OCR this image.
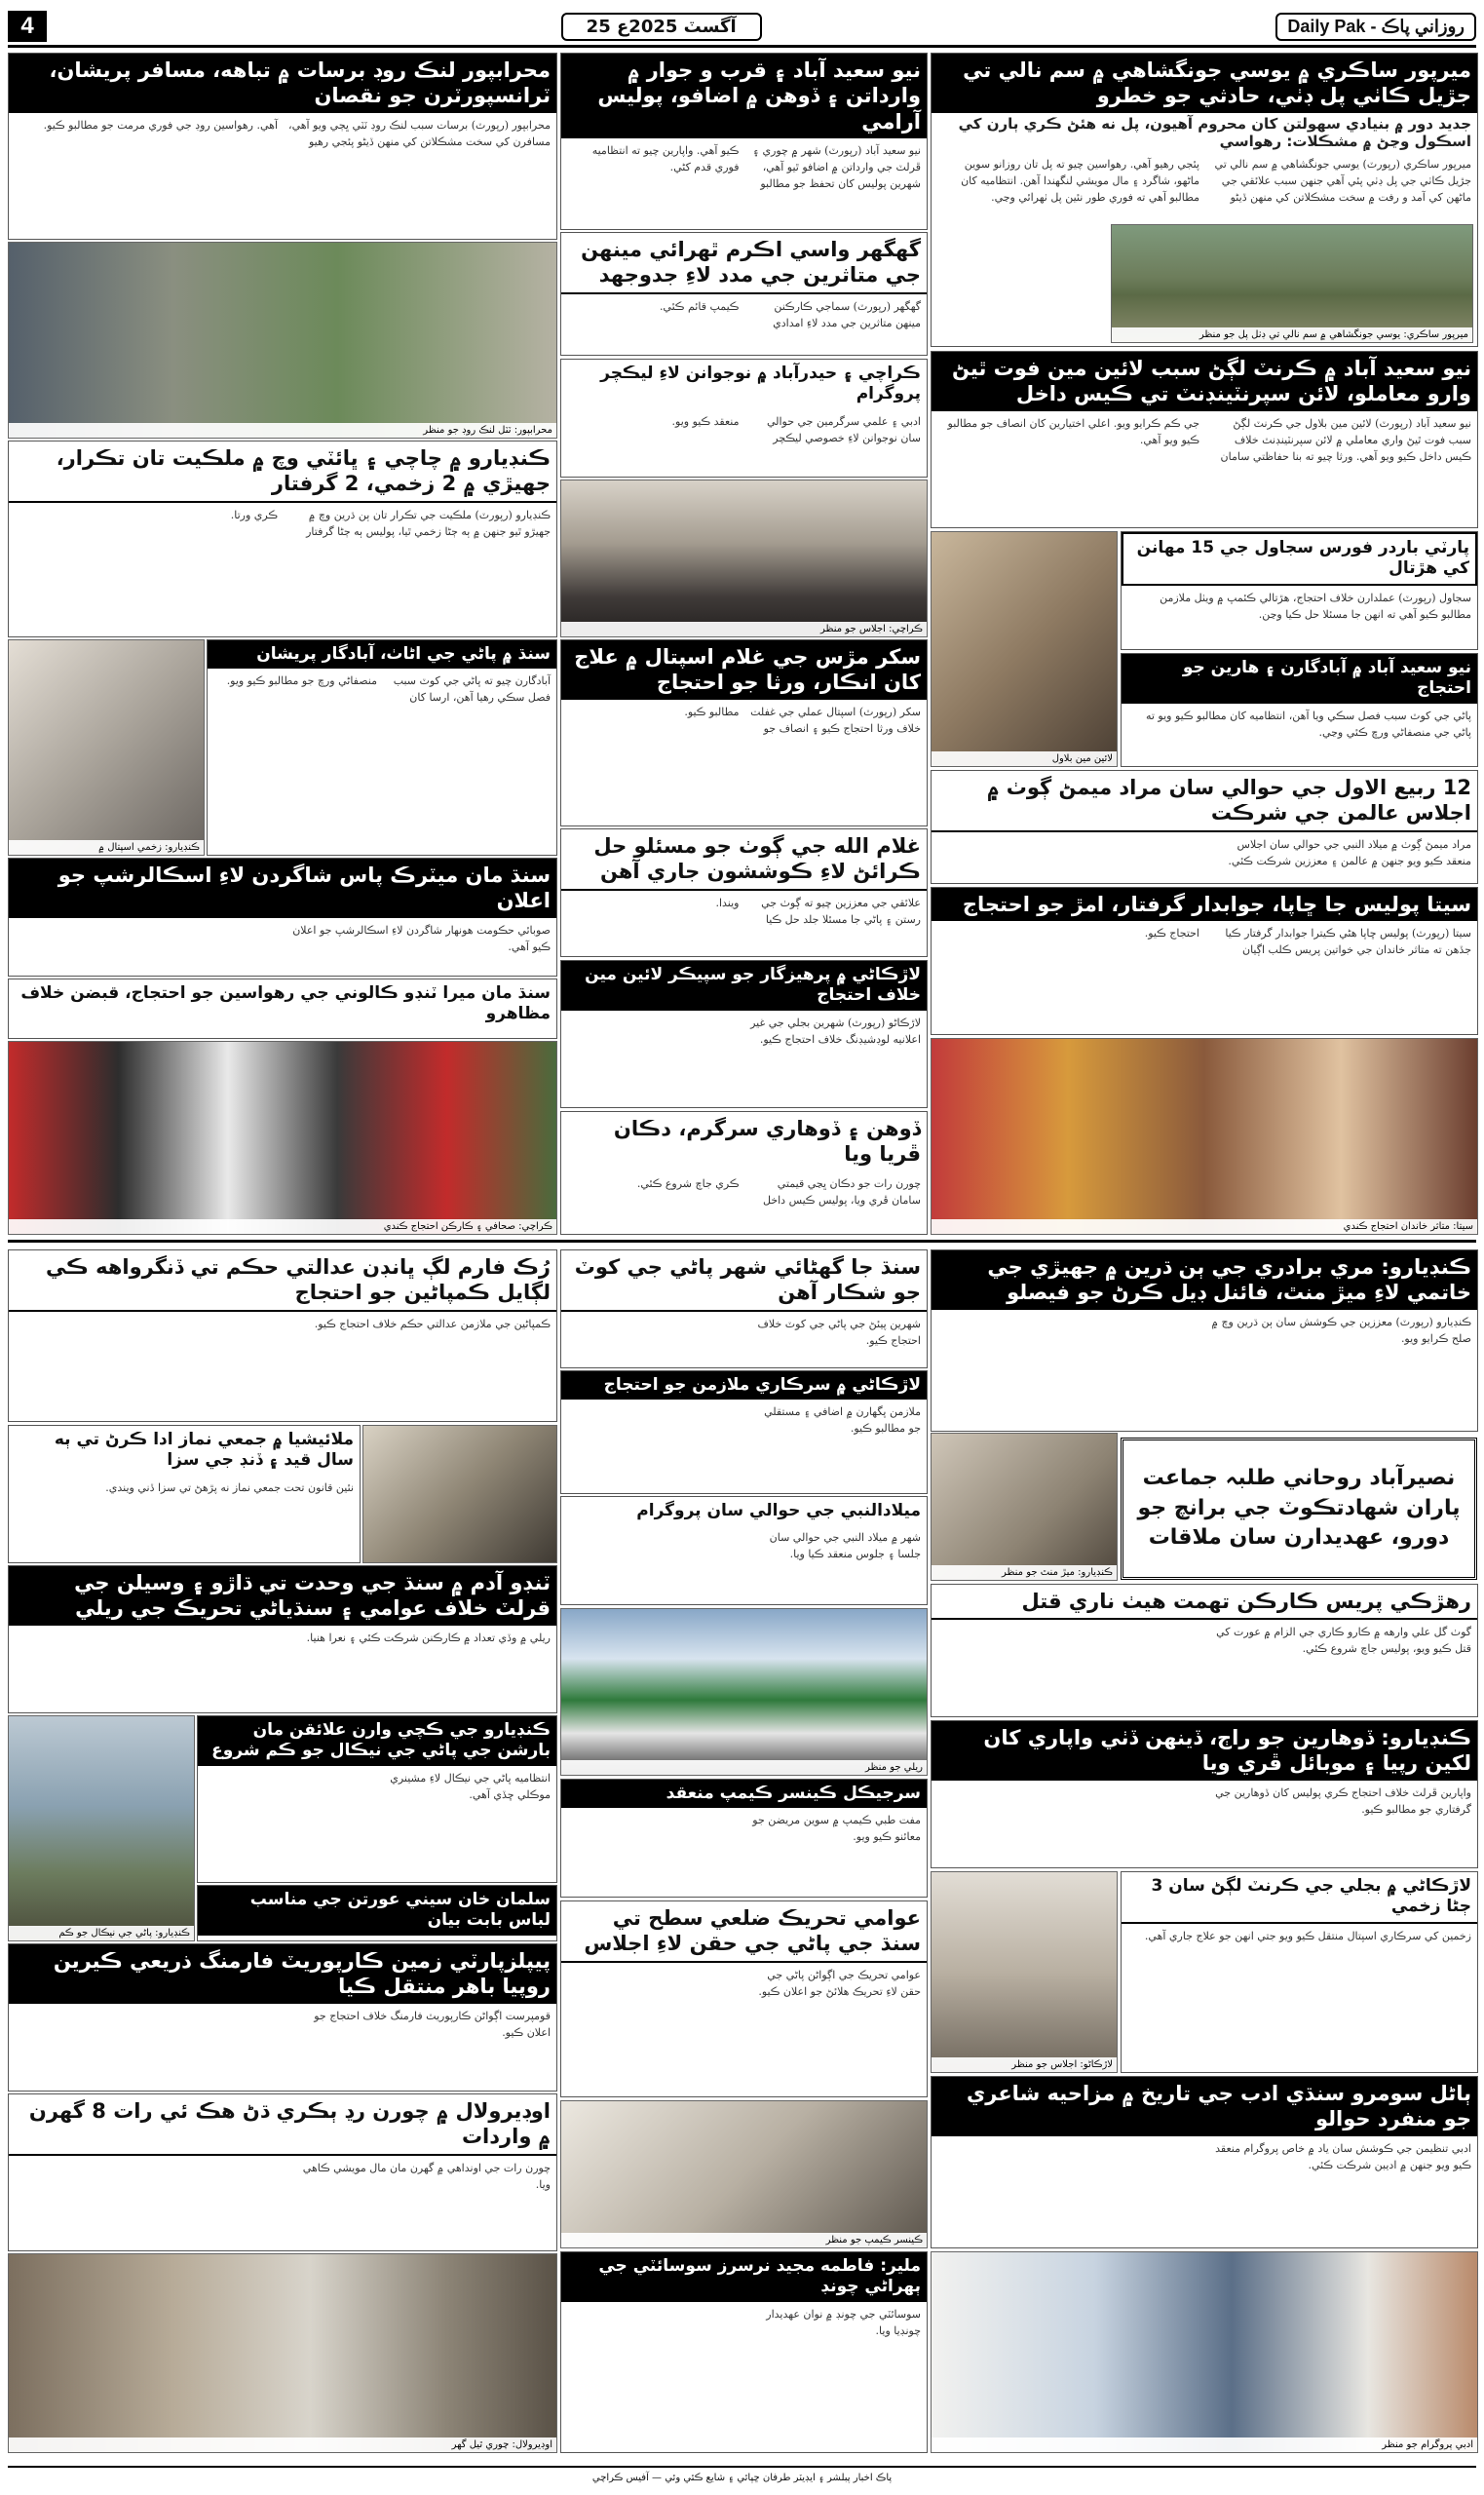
4	25 آگسٽ 2025ع	Daily Pak - روزاني پاڪ
ميرپور ساڪري ۾ يوسي جونگشاهي ۾ سم نالي تي جڙيل ڪاٺي پل ڊٺي، حادثي جو خطرو
جديد دور ۾ بنيادي سهولتن کان محروم آهيون، پل نه هئڻ ڪري ٻارن کي اسڪول وڃڻ ۾ مشڪلات: رهواسي
ميرپور ساڪري (رپورٽ) يوسي جونگشاهي ۾ سم نالي تي جڙيل ڪاٺي جي پل ڊٺي پئي آهي جنهن سبب علائقي جي ماڻهن کي آمد و رفت ۾ سخت مشڪلاتن کي منهن ڏيڻو پئجي رهيو آهي. رهواسين چيو ته پل تان روزانو سوين ماڻهو، شاگرد ۽ مال مويشي لنگهندا آهن. انتظاميه کان مطالبو آهي ته فوري طور نئين پل ٺهرائي وڃي.
ميرپور ساڪري: يوسي جونگشاهي ۾ سم نالي تي ڊٺل پل جو منظر
نيو سعيد آباد ۾ ڪرنٽ لڳڻ سبب لائين مين فوت ٿيڻ وارو معاملو، لائن سپرنٽينڊنٽ تي ڪيس داخل
نيو سعيد آباد (رپورٽ) لائين مين بلاول جي ڪرنٽ لڳڻ سبب فوت ٿيڻ واري معاملي ۾ لائن سپرنٽينڊنٽ خلاف ڪيس داخل ڪيو ويو آهي. ورثا چيو ته بنا حفاظتي سامان جي ڪم ڪرايو ويو. اعلي اختيارين کان انصاف جو مطالبو ڪيو ويو آهي.
پارٽي باردر فورس سجاول جي 15 مهانن کي هڙتال
سجاول (رپورٽ) عملدارن خلاف احتجاج، هڙتالي ڪئمپ ۾ ويٺل ملازمن مطالبو ڪيو آهي ته انهن جا مسئلا حل ڪيا وڃن.
لائين مين بلاول
نيو سعيد آباد ۾ آبادگارن ۽ هارين جو احتجاج
پاڻي جي کوٽ سبب فصل سڪي ويا آهن، انتظاميه کان مطالبو ڪيو ويو ته پاڻي جي منصفاڻي ورڇ ڪئي وڃي.
12 ربيع الاول جي حوالي سان مراد ميمڻ ڳوٺ ۾ اجلاس عالمن جي شرڪت
مراد ميمڻ ڳوٺ ۾ ميلاد النبي جي حوالي سان اجلاس منعقد ڪيو ويو جنهن ۾ عالمن ۽ معززين شرڪت ڪئي.
سيتا پوليس جا ڇاپا، جوابدار گرفتار، امڙ جو احتجاج
سيتا (رپورٽ) پوليس ڇاپا هڻي ڪيترا جوابدار گرفتار ڪيا جڏهن ته متاثر خاندان جي خواتين پريس ڪلب اڳيان احتجاج ڪيو.
سيتا: متاثر خاندان احتجاج ڪندي
نيو سعيد آباد ۽ قرب و جوار ۾ وارداتن ۽ ڏوهن ۾ اضافو، پوليس آرامي
نيو سعيد آباد (رپورٽ) شهر ۾ چوري ۽ ڦرلٽ جي وارداتن ۾ اضافو ٿيو آهي، شهرين پوليس کان تحفظ جو مطالبو ڪيو آهي. واپارين چيو ته انتظاميه فوري قدم کڻي.
گهگهر واسي اڪرم ٿهرائي مينهن جي متاثرين جي مدد لاءِ جدوجهد
گهگهر (رپورٽ) سماجي ڪارڪنن مينهن متاثرين جي مدد لاءِ امدادي ڪيمپ قائم ڪئي.
ڪراچي ۽ حيدرآباد ۾ نوجوانن لاءِ ليڪچر پروگرام
ادبي ۽ علمي سرگرمين جي حوالي سان نوجوانن لاءِ خصوصي ليڪچر منعقد ڪيو ويو.
ڪراچي: اجلاس جو منظر
سکر مڙس جي غلام اسپتال ۾ علاج کان انڪار، ورثا جو احتجاج
سکر (رپورٽ) اسپتال عملي جي غفلت خلاف ورثا احتجاج ڪيو ۽ انصاف جو مطالبو ڪيو.
غلام الله جي ڳوٺ جو مسئلو حل ڪرائڻ لاءِ ڪوششون جاري آهن
علائقي جي معززين چيو ته ڳوٺ جي رستن ۽ پاڻي جا مسئلا جلد حل ڪيا ويندا.
لاڙڪاڻي ۾ پرهيزگار جو سپيڪر لائين مين خلاف احتجاج
لاڙڪاڻو (رپورٽ) شهرين بجلي جي غير اعلانيه لوڊشيڊنگ خلاف احتجاج ڪيو.
ڏوهن ۽ ڏوهاري سرگرم، دڪان ڦريا ويا
چورن رات جو دڪان ڀڃي قيمتي سامان ڦري ويا، پوليس ڪيس داخل ڪري جاچ شروع ڪئي.
محرابپور لنڪ روڊ برسات ۾ تباهه، مسافر پريشان، ٽرانسپورٽرن جو نقصان
محرابپور (رپورٽ) برسات سبب لنڪ روڊ ٽٽي ڀڄي ويو آهي، مسافرن کي سخت مشڪلاتن کي منهن ڏيڻو پئجي رهيو آهي. رهواسين روڊ جي فوري مرمت جو مطالبو ڪيو.
محرابپور: ٽٽل لنڪ روڊ جو منظر
ڪنڊيارو ۾ چاچي ۽ ڀائٽي وچ ۾ ملڪيت تان تڪرار، جهيڙي ۾ 2 زخمي، 2 گرفتار
ڪنڊيارو (رپورٽ) ملڪيت جي تڪرار تان ٻن ڌرين وچ ۾ جهيڙو ٿيو جنهن ۾ ٻه ڄڻا زخمي ٿيا، پوليس ٻه ڄڻا گرفتار ڪري ورتا.
ڪنڊيارو: زخمي اسپتال ۾
سنڌ ۾ پاڻي جي اڻاٺ، آبادگار پريشان
آبادگارن چيو ته پاڻي جي کوٽ سبب فصل سڪي رهيا آهن، ارسا کان منصفاڻي ورڇ جو مطالبو ڪيو ويو.
سنڌ مان ميٽرڪ پاس شاگردن لاءِ اسڪالرشپ جو اعلان
صوبائي حڪومت هونهار شاگردن لاءِ اسڪالرشپ جو اعلان ڪيو آهي.
سنڌ مان ميرا ٽنڊو ڪالوني جي رهواسين جو احتجاج، قبضن خلاف مظاهرو
ڪراچي: صحافي ۽ ڪارڪن احتجاج ڪندي
ڪنڊيارو: مري برادري جي ٻن ڌرين ۾ جهيڙي جي خاتمي لاءِ ميڙ منٿ، فائنل ڊيل ڪرڻ جو فيصلو
ڪنڊيارو (رپورٽ) معززين جي ڪوشش سان ٻن ڌرين وچ ۾ صلح ڪرايو ويو.
ڪنڊيارو: ميڙ منٿ جو منظر
نصيرآباد روحاني طلبہ جماعت پاران شهادتڪوٽ جي برانچ جو دورو، عهديدارن سان ملاقات
رهڙڪي پريس ڪارڪن تهمت هيٺ ناري قتل
گوٺ گل علي وارهه ۾ ڪارو ڪاري جي الزام ۾ عورت کي قتل ڪيو ويو، پوليس جاچ شروع ڪئي.
ڪنڊيارو: ڏوهارين جو راڄ، ڏينهن ڏٺي واپاري کان لکين رپيا ۽ موبائل ڦري ويا
واپارين ڦرلٽ خلاف احتجاج ڪري پوليس کان ڏوهارين جي گرفتاري جو مطالبو ڪيو.
لاڙڪاڻي ۾ بجلي جي ڪرنٽ لڳڻ سان 3 ڄڻا زخمي
زخمين کي سرڪاري اسپتال منتقل ڪيو ويو جتي انهن جو علاج جاري آهي.
لاڙڪاڻو: اجلاس جو منظر
ٻاڻل سومرو سنڌي ادب جي تاريخ ۾ مزاحيه شاعري جو منفرد حوالو
ادبي تنظيمن جي ڪوشش سان ياد ۾ خاص پروگرام منعقد ڪيو ويو جنهن ۾ اديبن شرڪت ڪئي.
ادبي پروگرام جو منظر
سنڌ جا گهڻائي شهر پاڻي جي کوٽ جو شڪار آهن
شهرين پيئڻ جي پاڻي جي کوٽ خلاف احتجاج ڪيو.
لاڙڪاڻي ۾ سرڪاري ملازمن جو احتجاج
ملازمن پگهارن ۾ اضافي ۽ مستقلي جو مطالبو ڪيو.
ميلادالنبي جي حوالي سان پروگرام
شهر ۾ ميلاد النبي جي حوالي سان جلسا ۽ جلوس منعقد ڪيا ويا.
ريلي جو منظر
سرجيڪل ڪينسر ڪيمپ منعقد
مفت طبي ڪيمپ ۾ سوين مريضن جو معائنو ڪيو ويو.
عوامي تحريڪ ضلعي سطح تي سنڌ جي پاڻي جي حقن لاءِ اجلاس
عوامي تحريڪ جي اڳواڻن پاڻي جي حقن لاءِ تحريڪ هلائڻ جو اعلان ڪيو.
ڪينسر ڪيمپ جو منظر
ملير: فاطمه مجيد نرسرز سوسائٽي جي ٻهراڻي چونڊ
سوسائٽي جي چونڊ ۾ نوان عهديدار چونڊيا ويا.
رُڪ فارم لڳ ڀانڊن عدالتي حڪم تي ڏنگرواهه ڪي لڳايل ڪمپاڻين جو احتجاج
ڪمپاڻين جي ملازمن عدالتي حڪم خلاف احتجاج ڪيو.
ملائيشيا ۾ جمعي نماز ادا ڪرڻ تي ٻه سال قيد ۽ ڏنڊ جي سزا
نئين قانون تحت جمعي نماز نه پڙهڻ تي سزا ڏني ويندي.
ٽنڊو آدم ۾ سنڌ جي وحدت تي ڌاڙو ۽ وسيلن جي قرلٽ خلاف عوامي ۽ سنڌياڻي تحريڪ جي ريلي
ريلي ۾ وڏي تعداد ۾ ڪارڪنن شرڪت ڪئي ۽ نعرا هنيا.
ڪنڊيارو: پاڻي جي نيڪال جو ڪم
ڪنڊيارو جي ڪچي وارن علائقن مان بارشن جي پاڻي جي نيڪال جو ڪم شروع
انتظاميه پاڻي جي نيڪال لاءِ مشينري موڪلي ڇڏي آهي.
سلمان خان سيني عورتن جي مناسب لباس بابت بيان
پيپلزپارٽي زمين ڪارپوريٽ فارمنگ ذريعي ڪيرين روپيا باهر منتقل ڪيا
قومپرست اڳواڻن ڪارپوريٽ فارمنگ خلاف احتجاج جو اعلان ڪيو.
اوڊيرولال ۾ چورن رڍ ٻڪري ڌڻ هڪ ئي رات 8 گهرن ۾ واردات
چورن رات جي اونداهي ۾ گهرن مان مال مويشي ڪاهي ويا.
اوڊيرولال: چوري ٿيل گهر
پاڪ اخبار پبلشر ۽ ايڊيٽر طرفان ڇپائي ۽ شايع ڪئي وئي — آفيس ڪراچي
